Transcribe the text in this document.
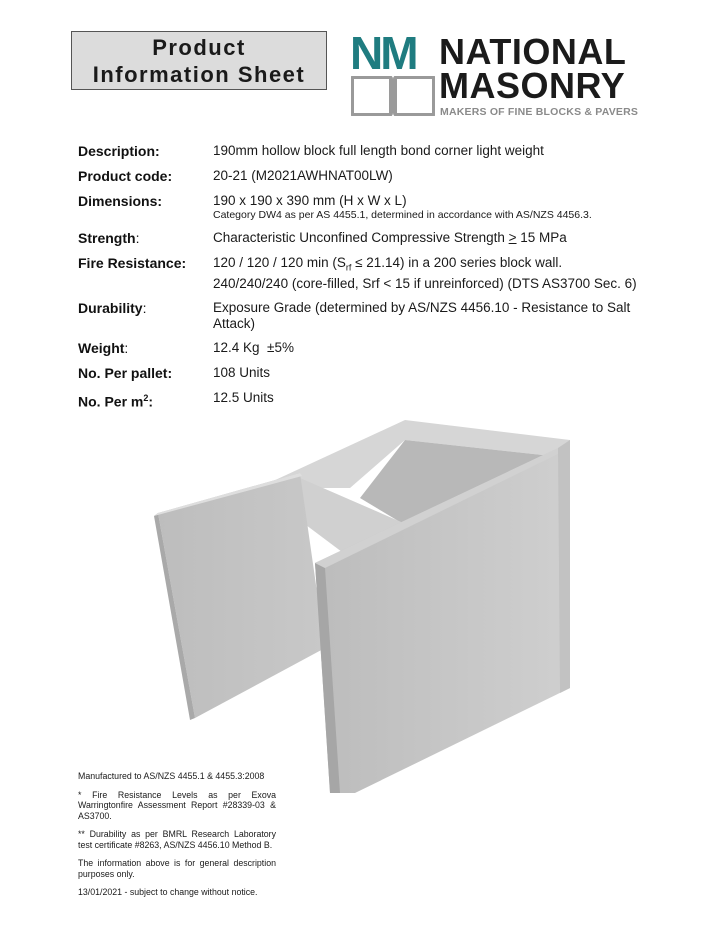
Product
Information Sheet NM NATIONAL
MASONRY
MAKERS OF FINE BLOCKS & PAVERS
Description:	190mm hollow block full length bond corner light weight
Product code:	20-21 (M2021AWHNAT00LW)
Dimensions:	190 x 190 x 390 mm (H x W x L)
Category DW4 as per AS 4455.1, determined in accordance with AS/NZS 4456.3.
Strength:	Characteristic Unconfined Compressive Strength > 15 MPa
Fire Resistance:	120 / 120 / 120 $\min (S_{rf} \le 21.14)$ in a 200 series block wall.
240/240/240 (core-filled, Srf < 15 if unreinforced) (DTS AS3700 Sec. 6)
Durability:	Exposure Grade (determined by AS/NZS 4456.10 - Resistance to Salt Attack)
Weight:	12.4 Kg  ±5%
No. Per pallet:	108 Units
No. Per $m^2$:	12.5 Units

Manufactured to AS/NZS 4455.1 & 4455.3:2008

* Fire Resistance Levels as per Exova Warringtonfire Assessment Report #28339-03 & AS3700.

** Durability as per BMRL Research Laboratory test certificate #8263, AS/NZS 4456.10 Method B.

The information above is for general description purposes only.

13/01/2021 - subject to change without notice.
